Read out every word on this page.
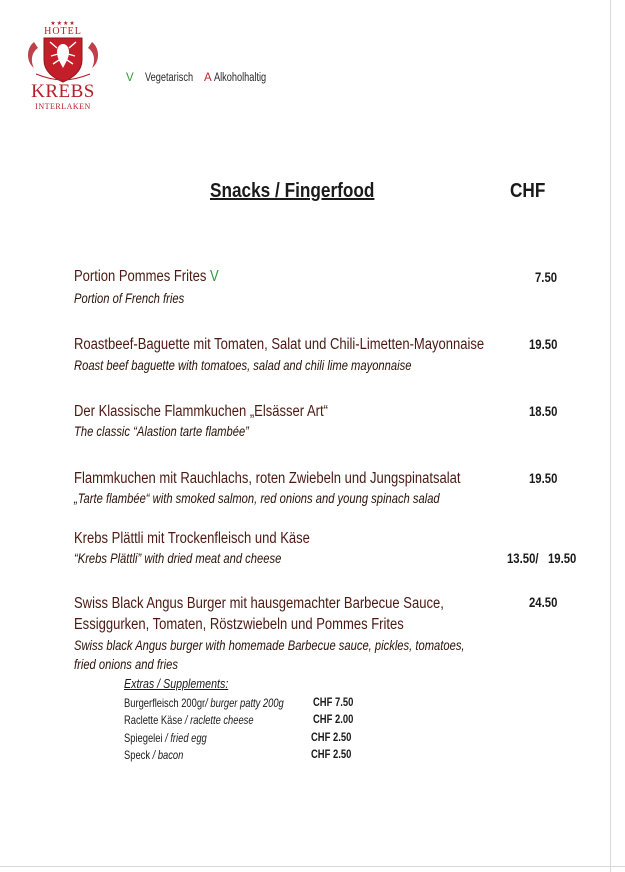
★★★★
HOTEL
KREBS
INTERLAKEN
V Vegetarisch A Alkoholhaltig
Snacks / Fingerfood	CHF
Portion Pommes Frites V
Portion of French fries
7.50
Roastbeef-Baguette mit Tomaten, Salat und Chili-Limetten-Mayonnaise
Roast beef baguette with tomatoes, salad and chili lime mayonnaise
19.50
Der Klassische Flammkuchen „Elsässer Art“
The classic “Alastion tarte flambée”
18.50
Flammkuchen mit Rauchlachs, roten Zwiebeln und Jungspinatsalat
„Tarte flambée“ with smoked salmon, red onions and young spinach salad
19.50
Krebs Plättli mit Trockenfleisch und Käse
“Krebs Plättli” with dried meat and cheese	13.50/   19.50
Swiss Black Angus Burger mit hausgemachter Barbecue Sauce,
Essiggurken, Tomaten, Röstzwiebeln und Pommes Frites
Swiss black Angus burger with homemade Barbecue sauce, pickles, tomatoes,
fried onions and fries
24.50
Extras / Supplements:
Burgerfleisch 200gr/ burger patty 200g	CHF 7.50
Raclette Käse / raclette cheese	CHF 2.00
Spiegelei / fried egg	CHF 2.50
Speck / bacon	CHF 2.50
